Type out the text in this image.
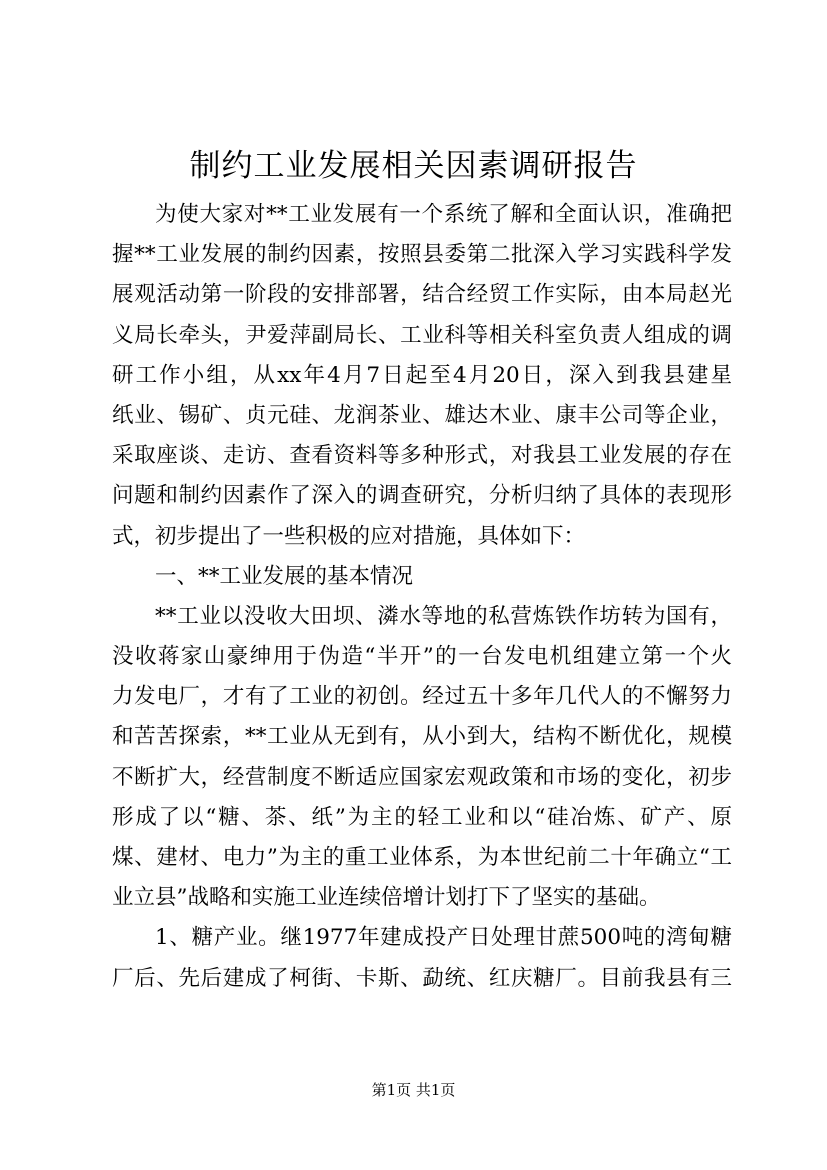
制约工业发展相关因素调研报告
为使大家对**工业发展有一个系统了解和全面认识，准确把
握**工业发展的制约因素，按照县委第二批深入学习实践科学发
展观活动第一阶段的安排部署，结合经贸工作实际，由本局赵光
义局长牵头，尹爱萍副局长、工业科等相关科室负责人组成的调
研工作小组，从xx年4月7日起至4月20日，深入到我县建星
纸业、锡矿、贞元硅、龙润茶业、雄达木业、康丰公司等企业，
采取座谈、走访、查看资料等多种形式，对我县工业发展的存在
问题和制约因素作了深入的调查研究，分析归纳了具体的表现形
式，初步提出了一些积极的应对措施，具体如下：
一、**工业发展的基本情况
**工业以没收大田坝、潾水等地的私营炼铁作坊转为国有，
没收蒋家山豪绅用于伪造“半开”的一台发电机组建立第一个火
力发电厂，才有了工业的初创。经过五十多年几代人的不懈努力
和苦苦探索，**工业从无到有，从小到大，结构不断优化，规模
不断扩大，经营制度不断适应国家宏观政策和市场的变化，初步
形成了以“糖、茶、纸”为主的轻工业和以“硅冶炼、矿产、原
煤、建材、电力”为主的重工业体系，为本世纪前二十年确立“工
业立县”战略和实施工业连续倍增计划打下了坚实的基础。
1、糖产业。继1977年建成投产日处理甘蔗500吨的湾甸糖
厂后、先后建成了柯街、卡斯、勐统、红庆糖厂。目前我县有三
第1页 共1页
